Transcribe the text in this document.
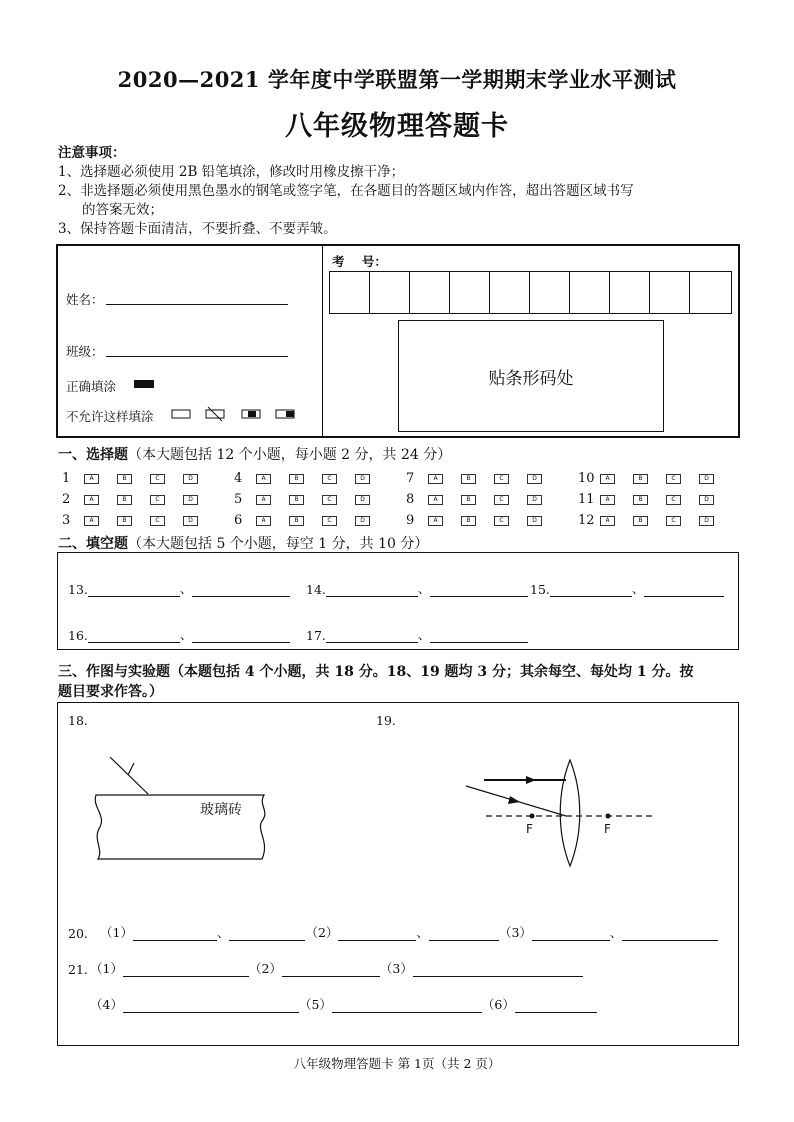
2020—2021 学年度中学联盟第一学期期末学业水平测试
八年级物理答题卡
注意事项：
1、选择题必须使用 2B 铅笔填涂，修改时用橡皮擦干净；
2、非选择题必须使用黑色墨水的钢笔或签字笔，在各题目的答题区域内作答，超出答题区域书写
的答案无效；
3、保持答题卡面清洁，不要折叠、不要弄皱。
姓名：
班级：
正确填涂
不允许这样填涂
考    号：
贴条形码处
一、选择题（本大题包括 12 个小题，每小题 2 分，共 24 分）
1	A	B	C	D	4	A	B	C	D	7	A	B	C	D	10	A	B	C	D
2	A	B	C	D	5	A	B	C	D	8	A	B	C	D	11	A	B	C	D
3	A	B	C	D	6	A	B	C	D	9	A	B	C	D	12	A	B	C	D
二、填空题（本大题包括 5 个小题，每空 1 分，共 10 分）
13.	、	14.	、	15.	、
16.	、	17.	、
三、作图与实验题（本题包括 4 个小题，共 18 分。18、19 题均 3 分；其余每空、每处均 1 分。按
题目要求作答。）
18.	19.
玻璃砖
F	F
20. （1）	、	（2）	、	（3）	、
21. （1）	（2）	（3）
（4）	（5）	（6）
八年级物理答题卡 第 1页（共 2 页）
